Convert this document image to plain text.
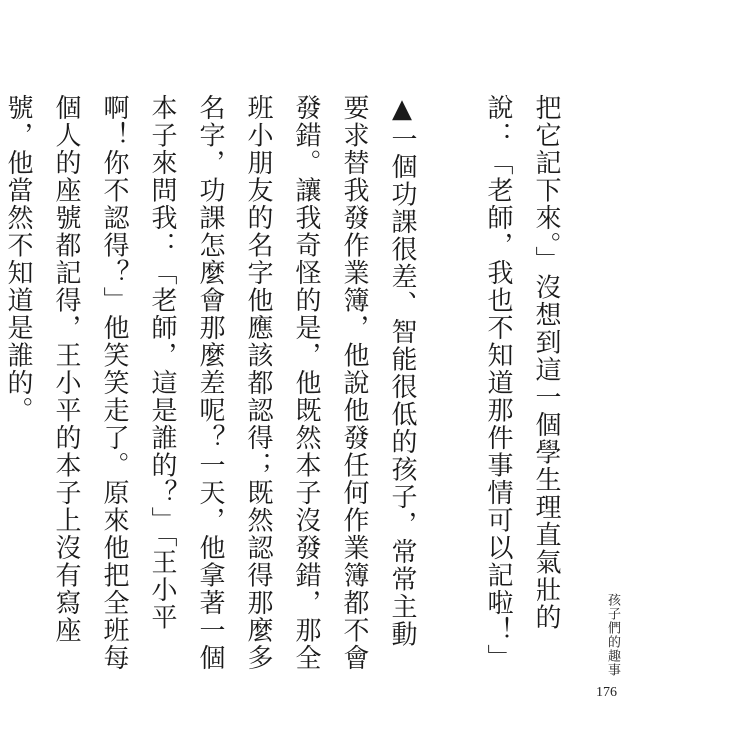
把它記下來。」沒想到這一個學生理直氣壯的說：「老師，我也不知道那件事情可以記啦！」

▲一個功課很差、智能很低的孩子，常常主動要求替我發作業簿，他說他發任何作業簿都不會發錯。讓我奇怪的是，他既然本子沒發錯，那全班小朋友的名字他應該都認得；既然認得那麼多名字，功課怎麼會那麼差呢？一天，他拿著一個本子來問我：「老師，這是誰的？」「王小平啊！你不認得？」他笑笑走了。原來他把全班每個人的座號都記得，王小平的本子上沒有寫座號，他當然不知道是誰的。

孩子們的趣事
176
